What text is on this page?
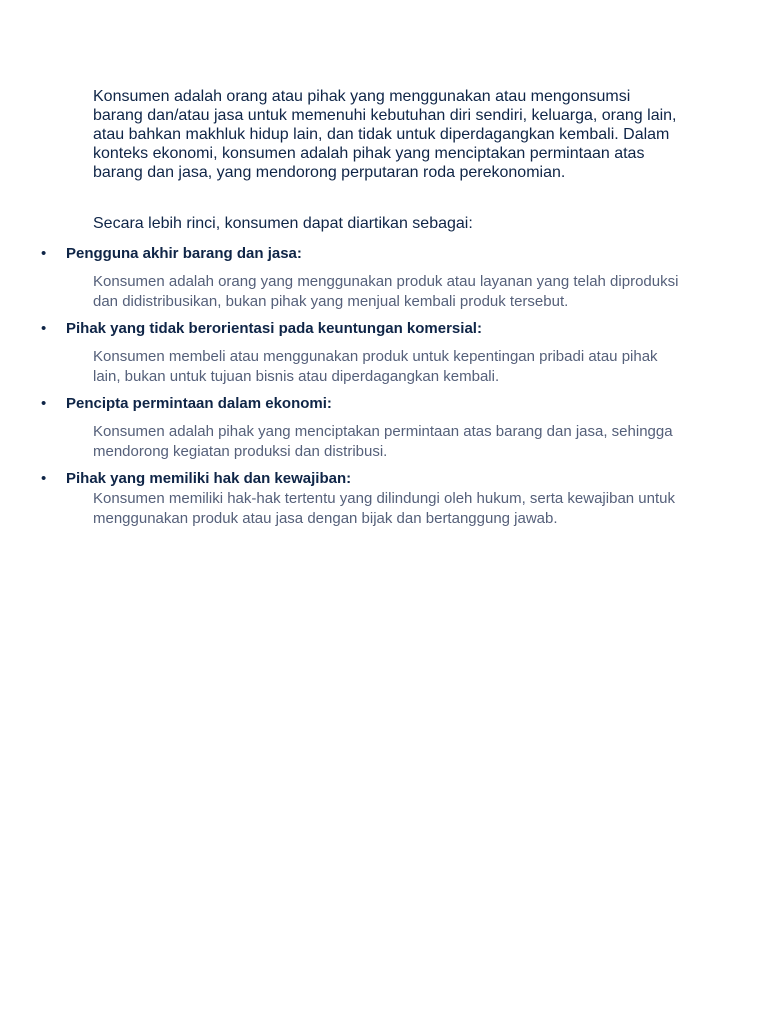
Konsumen adalah orang atau pihak yang menggunakan atau mengonsumsi barang dan/atau jasa untuk memenuhi kebutuhan diri sendiri, keluarga, orang lain, atau bahkan makhluk hidup lain, dan tidak untuk diperdagangkan kembali. Dalam konteks ekonomi, konsumen adalah pihak yang menciptakan permintaan atas barang dan jasa, yang mendorong perputaran roda perekonomian.

Secara lebih rinci, konsumen dapat diartikan sebagai:

• Pengguna akhir barang dan jasa:
Konsumen adalah orang yang menggunakan produk atau layanan yang telah diproduksi dan didistribusikan, bukan pihak yang menjual kembali produk tersebut.
• Pihak yang tidak berorientasi pada keuntungan komersial:
Konsumen membeli atau menggunakan produk untuk kepentingan pribadi atau pihak lain, bukan untuk tujuan bisnis atau diperdagangkan kembali.
• Pencipta permintaan dalam ekonomi:
Konsumen adalah pihak yang menciptakan permintaan atas barang dan jasa, sehingga mendorong kegiatan produksi dan distribusi.
• Pihak yang memiliki hak dan kewajiban:
Konsumen memiliki hak-hak tertentu yang dilindungi oleh hukum, serta kewajiban untuk menggunakan produk atau jasa dengan bijak dan bertanggung jawab.
